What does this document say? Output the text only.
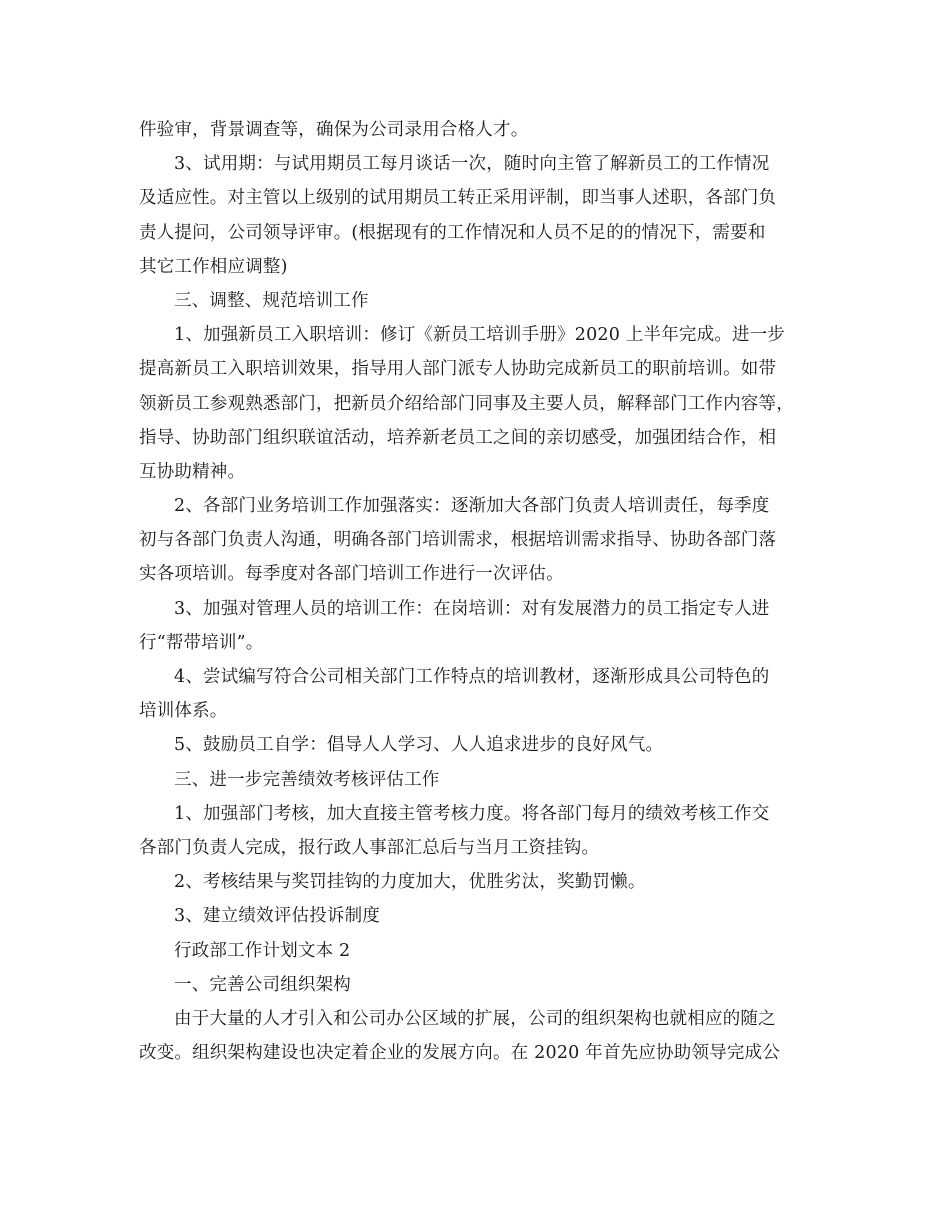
件验审，背景调查等，确保为公司录用合格人才。
3、试用期：与试用期员工每月谈话一次，随时向主管了解新员工的工作情况
及适应性。对主管以上级别的试用期员工转正采用评制，即当事人述职，各部门负
责人提问，公司领导评审。(根据现有的工作情况和人员不足的的情况下，需要和
其它工作相应调整)
三、调整、规范培训工作
1、加强新员工入职培训：修订《新员工培训手册》2020 上半年完成。进一步
提高新员工入职培训效果，指导用人部门派专人协助完成新员工的职前培训。如带
领新员工参观熟悉部门，把新员介绍给部门同事及主要人员，解释部门工作内容等，
指导、协助部门组织联谊活动，培养新老员工之间的亲切感受，加强团结合作，相
互协助精神。
2、各部门业务培训工作加强落实：逐渐加大各部门负责人培训责任，每季度
初与各部门负责人沟通，明确各部门培训需求，根据培训需求指导、协助各部门落
实各项培训。每季度对各部门培训工作进行一次评估。
3、加强对管理人员的培训工作：在岗培训：对有发展潜力的员工指定专人进
行“帮带培训”。
4、尝试编写符合公司相关部门工作特点的培训教材，逐渐形成具公司特色的
培训体系。
5、鼓励员工自学：倡导人人学习、人人追求进步的良好风气。
三、进一步完善绩效考核评估工作
1、加强部门考核，加大直接主管考核力度。将各部门每月的绩效考核工作交
各部门负责人完成，报行政人事部汇总后与当月工资挂钩。
2、考核结果与奖罚挂钩的力度加大，优胜劣汰，奖勤罚懒。
3、建立绩效评估投诉制度
行政部工作计划文本 2
一、完善公司组织架构
由于大量的人才引入和公司办公区域的扩展，公司的组织架构也就相应的随之
改变。组织架构建设也决定着企业的发展方向。在 2020 年首先应协助领导完成公
